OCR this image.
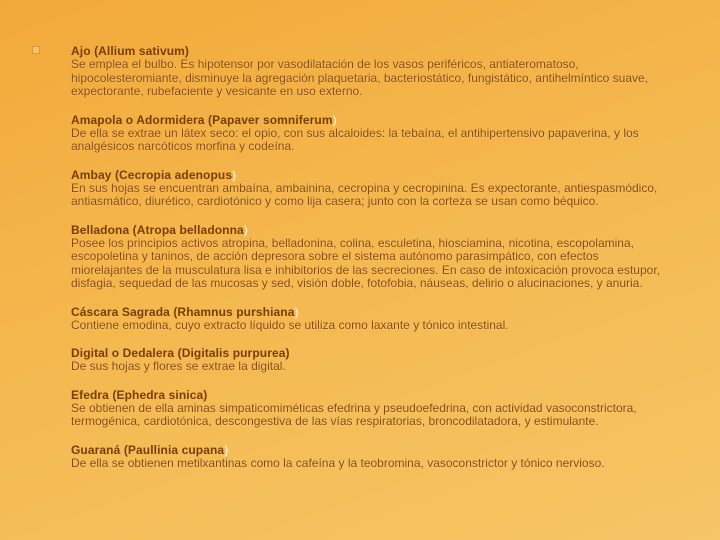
Ajo (Allium sativum)

Se emplea el bulbo. Es hipotensor por vasodilatación de los vasos periféricos, antiateromatoso, hipocolesteromiante, disminuye la agregación plaquetaria, bacteriostático, fungistático, antihelmíntico suave, expectorante, rubefaciente y vesicante en uso externo.

Amapola o Adormidera (Papaver somniferum)

De ella se extrae un látex seco: el opio, con sus alcaloides: la tebaína, el antihipertensivo papaverina, y los analgésicos narcóticos morfina y codeína.

Ambay (Cecropia adenopus)

En sus hojas se encuentran ambaína, ambainina, cecropina y cecropinina. Es expectorante, antiespasmódico, antiasmático, diurético, cardiotónico y como lija casera; junto con la corteza se usan como béquico.

Belladona (Atropa belladonna)

Posee los principios activos atropina, belladonina, colina, esculetina, hiosciamina, nicotina, escopolamina, escopoletina y taninos, de acción depresora sobre el sistema autónomo parasimpático, con efectos miorelajantes de la musculatura lisa e inhibitorios de las secreciones. En caso de intoxicación provoca estupor, disfagia, sequedad de las mucosas y sed, visión doble, fotofobia, náuseas, delirio o alucinaciones, y anuria.

Cáscara Sagrada (Rhamnus purshiana)

Contiene emodina, cuyo extracto líquido se utiliza como laxante y tónico intestinal.

Digital o Dedalera (Digitalis purpurea)

De sus hojas y flores se extrae la digital.

Efedra (Ephedra sinica)

Se obtienen de ella aminas simpaticomiméticas efedrina y pseudoefedrina, con actividad vasoconstrictora, termogénica, cardiotónica, descongestiva de las vías respiratorias, broncodilatadora, y estimulante.

Guaraná (Paullinia cupana)

De ella se obtienen metilxantinas como la cafeína y la teobromina, vasoconstrictor y tónico nervioso.
